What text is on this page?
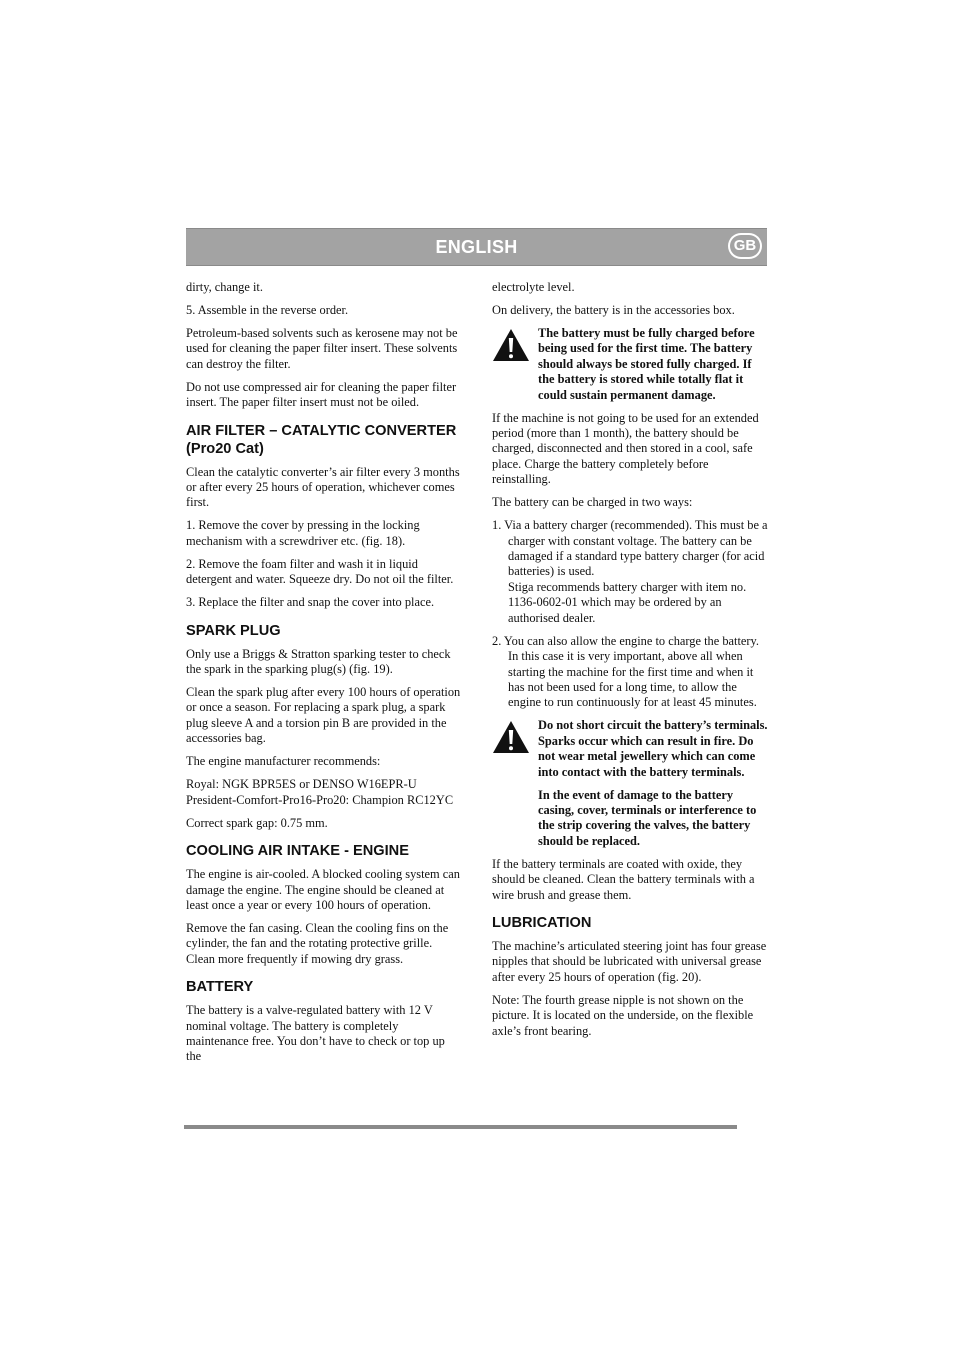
ENGLISH	GB

dirty, change it.

5. Assemble in the reverse order.

Petroleum-based solvents such as kerosene may not be used for cleaning the paper filter insert. These solvents can destroy the filter.

Do not use compressed air for cleaning the paper filter insert. The paper filter insert must not be oiled.

AIR FILTER – CATALYTIC CONVERTER (Pro20 Cat)

Clean the catalytic converter’s air filter every 3 months or after every 25 hours of operation, whichever comes first.

1. Remove the cover by pressing in the locking mechanism with a screwdriver etc. (fig. 18).

2. Remove the foam filter and wash it in liquid detergent and water. Squeeze dry. Do not oil the filter.

3. Replace the filter and snap the cover into place.

SPARK PLUG

Only use a Briggs & Stratton sparking tester to check the spark in the sparking plug(s) (fig. 19).

Clean the spark plug after every 100 hours of operation or once a season. For replacing a spark plug, a spark plug sleeve A and a torsion pin B are provided in the accessories bag.

The engine manufacturer recommends:

Royal: NGK BPR5ES or DENSO W16EPR-U
President-Comfort-Pro16-Pro20: Champion RC12YC

Correct spark gap: 0.75 mm.

COOLING AIR INTAKE - ENGINE

The engine is air-cooled. A blocked cooling system can damage the engine. The engine should be cleaned at least once a year or every 100 hours of operation.

Remove the fan casing. Clean the cooling fins on the cylinder, the fan and the rotating protective grille. Clean more frequently if mowing dry grass.

BATTERY

The battery is a valve-regulated battery with 12 V nominal voltage. The battery is completely maintenance free. You don’t have to check or top up the

electrolyte level.

On delivery, the battery is in the accessories box.

The battery must be fully charged before being used for the first time. The battery should always be stored fully charged. If the battery is stored while totally flat it could sustain permanent damage.

If the machine is not going to be used for an extended period (more than 1 month), the battery should be charged, disconnected and then stored in a cool, safe place. Charge the battery completely before reinstalling.

The battery can be charged in two ways:

1. Via a battery charger (recommended). This must be a charger with constant voltage. The battery can be damaged if a standard type battery charger (for acid batteries) is used.
Stiga recommends battery charger with item no. 1136-0602-01 which may be ordered by an authorised dealer.

2. You can also allow the engine to charge the battery. In this case it is very important, above all when starting the machine for the first time and when it has not been used for a long time, to allow the engine to run continuously for at least 45 minutes.

Do not short circuit the battery’s terminals. Sparks occur which can result in fire. Do not wear metal jewellery which can come into contact with the battery terminals.

In the event of damage to the battery casing, cover, terminals or interference to the strip covering the valves, the battery should be replaced.

If the battery terminals are coated with oxide, they should be cleaned. Clean the battery terminals with a wire brush and grease them.

LUBRICATION

The machine’s articulated steering joint has four grease nipples that should be lubricated with universal grease after every 25 hours of operation (fig. 20).

Note: The fourth grease nipple is not shown on the picture. It is located on the underside, on the flexible axle’s front bearing.
